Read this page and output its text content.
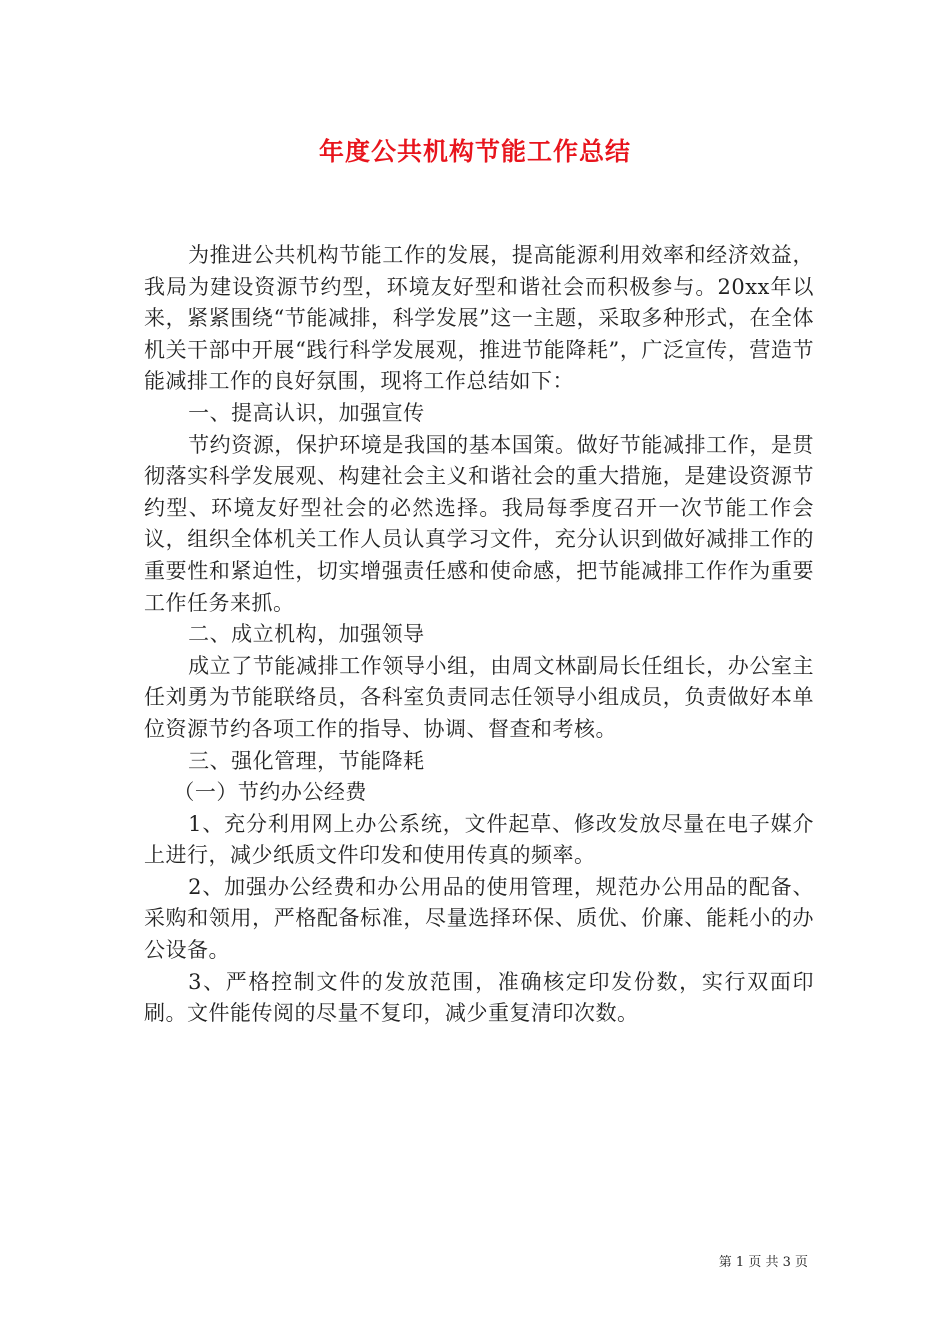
年度公共机构节能工作总结

为推进公共机构节能工作的发展，提高能源利用效率和经济效益，我局为建设资源节约型，环境友好型和谐社会而积极参与。20xx年以来，紧紧围绕“节能减排，科学发展”这一主题，采取多种形式，在全体机关干部中开展“践行科学发展观，推进节能降耗”，广泛宣传，营造节能减排工作的良好氛围，现将工作总结如下：

一、提高认识，加强宣传

节约资源，保护环境是我国的基本国策。做好节能减排工作，是贯彻落实科学发展观、构建社会主义和谐社会的重大措施，是建设资源节约型、环境友好型社会的必然选择。我局每季度召开一次节能工作会议，组织全体机关工作人员认真学习文件，充分认识到做好减排工作的重要性和紧迫性，切实增强责任感和使命感，把节能减排工作作为重要工作任务来抓。

二、成立机构，加强领导

成立了节能减排工作领导小组，由周文林副局长任组长，办公室主任刘勇为节能联络员，各科室负责同志任领导小组成员，负责做好本单位资源节约各项工作的指导、协调、督查和考核。

三、强化管理，节能降耗

（一）节约办公经费

1、充分利用网上办公系统，文件起草、修改发放尽量在电子媒介上进行，减少纸质文件印发和使用传真的频率。

2、加强办公经费和办公用品的使用管理，规范办公用品的配备、采购和领用，严格配备标准，尽量选择环保、质优、价廉、能耗小的办公设备。

3、严格控制文件的发放范围，准确核定印发份数，实行双面印刷。文件能传阅的尽量不复印，减少重复清印次数。

第 1 页 共 3 页
